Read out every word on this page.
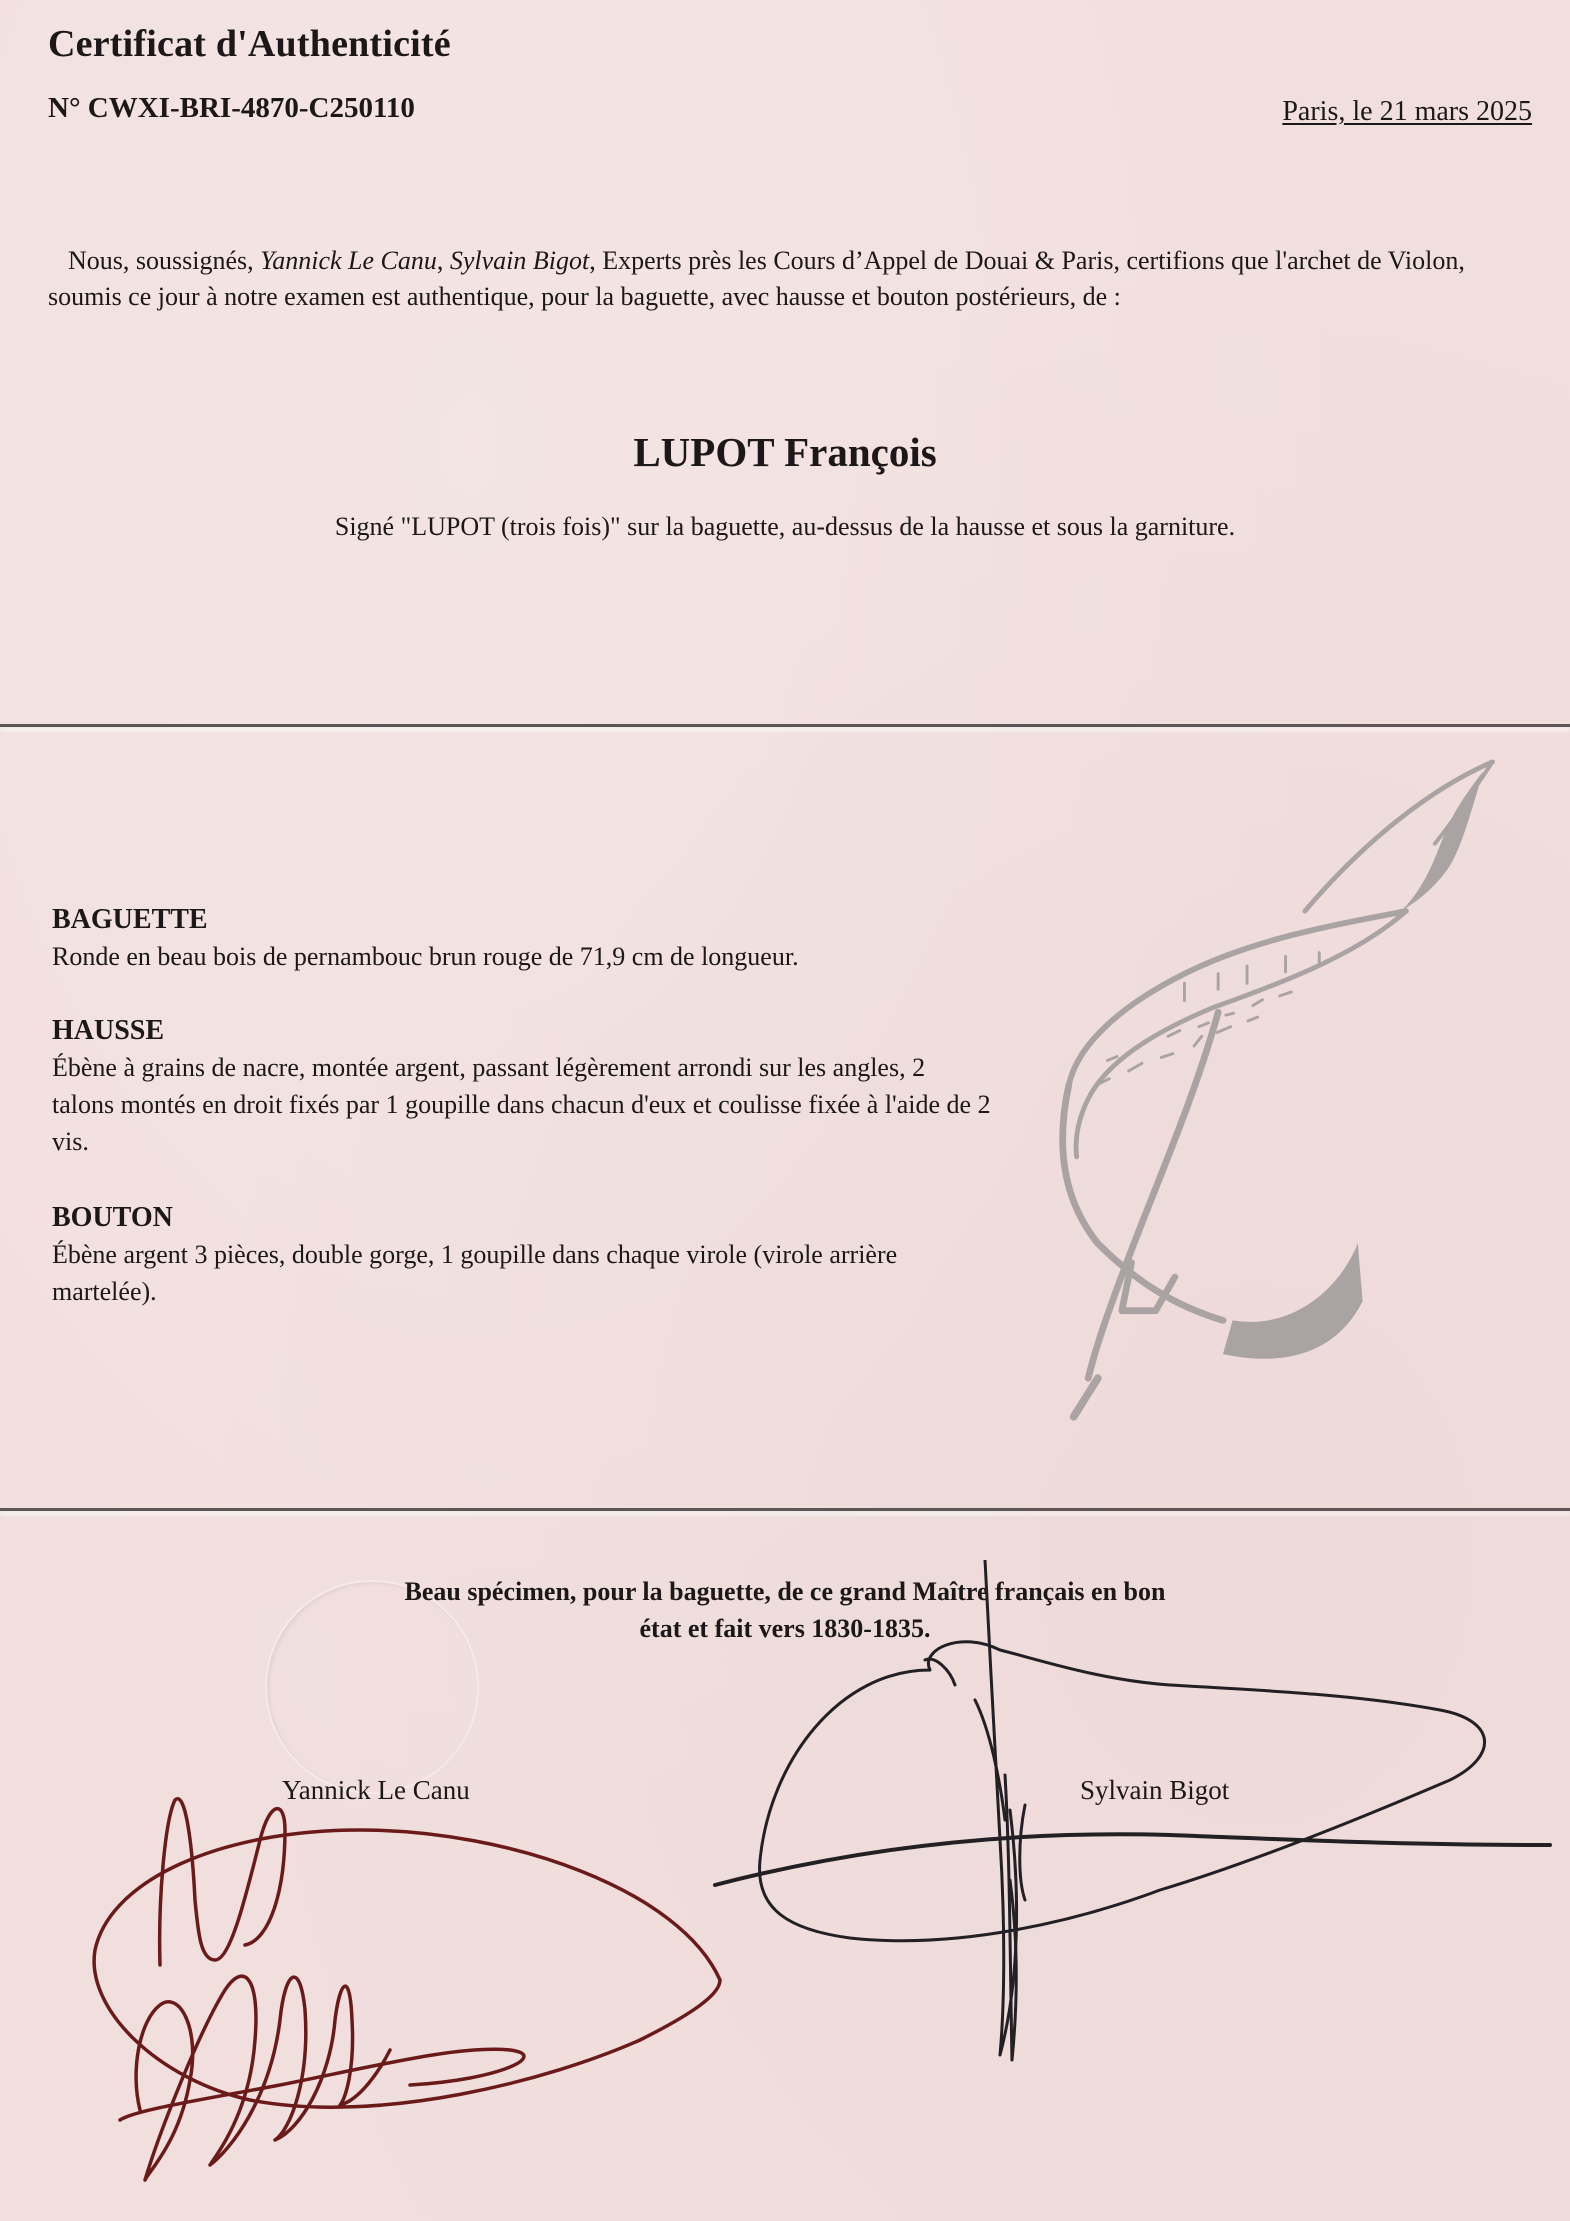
Certificat d'Authenticité
N° CWXI-BRI-4870-C250110	Paris, le 21 mars 2025
Nous, soussignés, Yannick Le Canu, Sylvain Bigot, Experts près les Cours d’Appel de Douai & Paris, certifions que l'archet de Violon, soumis ce jour à notre examen est authentique, pour la baguette, avec hausse et bouton postérieurs, de :
LUPOT François
Signé "LUPOT (trois fois)" sur la baguette, au-dessus de la hausse et sous la garniture.
BAGUETTE
Ronde en beau bois de pernambouc brun rouge de 71,9 cm de longueur.
HAUSSE
Ébène à grains de nacre, montée argent, passant légèrement arrondi sur les angles, 2 talons montés en droit fixés par 1 goupille dans chacun d'eux et coulisse fixée à l'aide de 2 vis.
BOUTON
Ébène argent 3 pièces, double gorge, 1 goupille dans chaque virole (virole arrière martelée).
Beau spécimen, pour la baguette, de ce grand Maître français en bon
état et fait vers 1830-1835.
Yannick Le Canu	Sylvain Bigot
